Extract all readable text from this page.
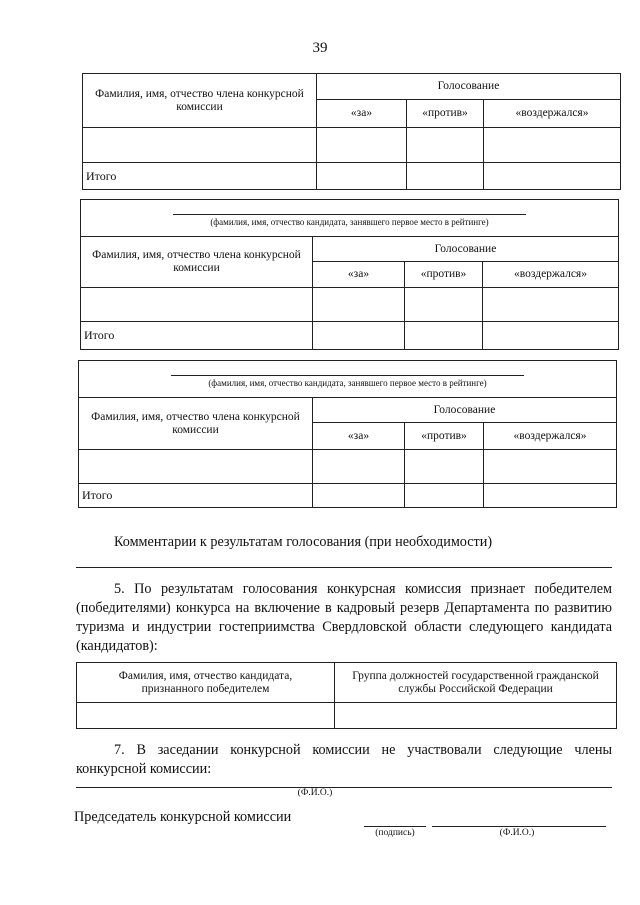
39
Фамилия, имя, отчество члена конкурсной комиссии	Голосование		
	«за»	«против»	«воздержался»

Итого			
(фамилия, имя, отчество кандидата, занявшего первое место в рейтинге)			

Фамилия, имя, отчество члена конкурсной комиссии	Голосование		
	«за»	«против»	«воздержался»

Итого			
(фамилия, имя, отчество кандидата, занявшего первое место в рейтинге)			

Фамилия, имя, отчество члена конкурсной комиссии	Голосование		
	«за»	«против»	«воздержался»

Итого			
Комментарии к результатам голосования (при необходимости)
5. По результатам голосования конкурсная комиссия признает победителем (победителями) конкурса на включение в кадровый резерв Департамента по развитию туризма и индустрии гостеприимства Свердловской области следующего кандидата (кандидатов):
Фамилия, имя, отчество кандидата, признанного победителем	Группа должностей государственной гражданской службы Российской Федерации

7. В заседании конкурсной комиссии не участвовали следующие члены конкурсной комиссии:
(Ф.И.О.)
Председатель конкурсной комиссии
(подпись)	(Ф.И.О.)
